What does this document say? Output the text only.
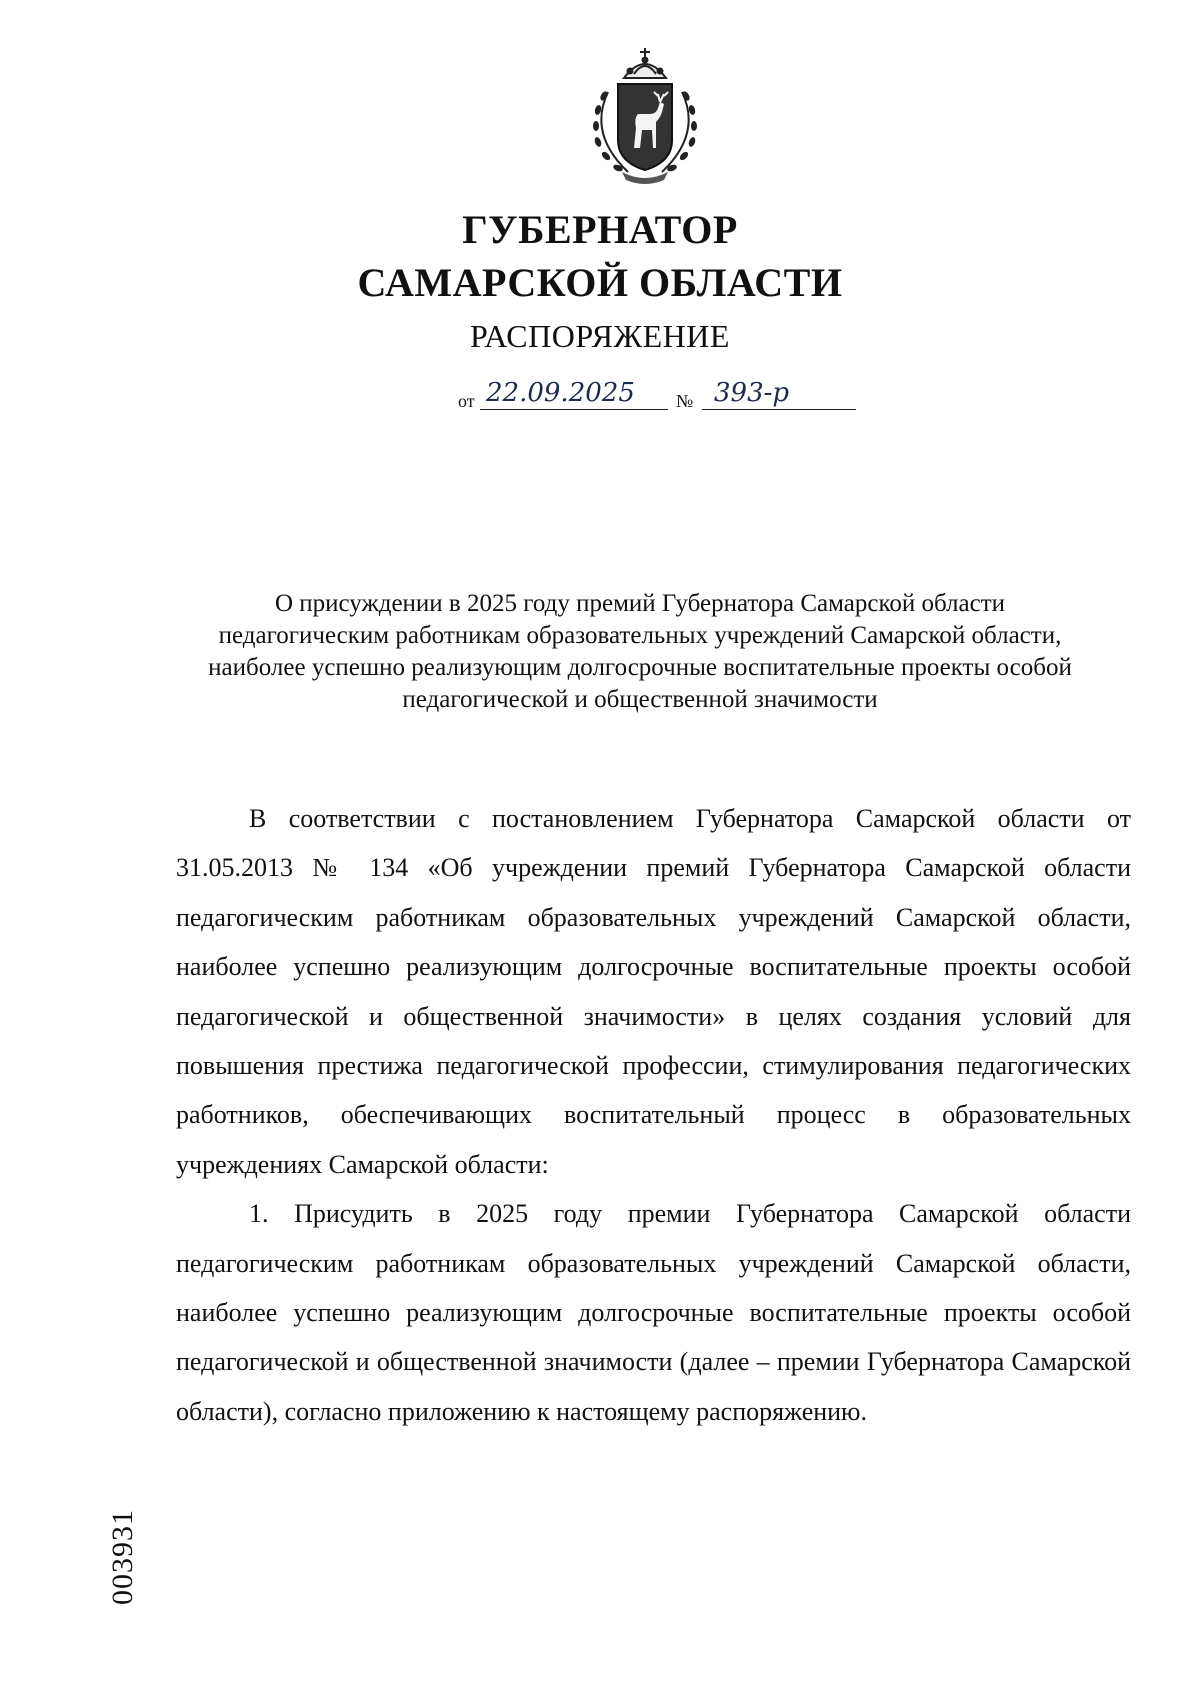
ГУБЕРНАТОР
САМАРСКОЙ ОБЛАСТИ
РАСПОРЯЖЕНИЕ
от 22.09.2025	№ 393-р
О присуждении в 2025 году премий Губернатора Самарской области
педагогическим работникам образовательных учреждений Самарской области,
наиболее успешно реализующим долгосрочные воспитательные проекты особой
педагогической и общественной значимости

В соответствии с постановлением Губернатора Самарской области от 31.05.2013 № 134 «Об учреждении премий Губернатора Самарской области педагогическим работникам образовательных учреждений Самарской области, наиболее успешно реализующим долгосрочные воспитательные проекты особой педагогической и общественной значимости» в целях создания условий для повышения престижа педагогической профессии, стимулирования педагогических работников, обеспечивающих воспитательный процесс в образовательных учреждениях Самарской области:

1. Присудить в 2025 году премии Губернатора Самарской области педагогическим работникам образовательных учреждений Самарской области, наиболее успешно реализующим долгосрочные воспитательные проекты особой педагогической и общественной значимости (далее – премии Губернатора Самарской области), согласно приложению к настоящему распоряжению.

003931
